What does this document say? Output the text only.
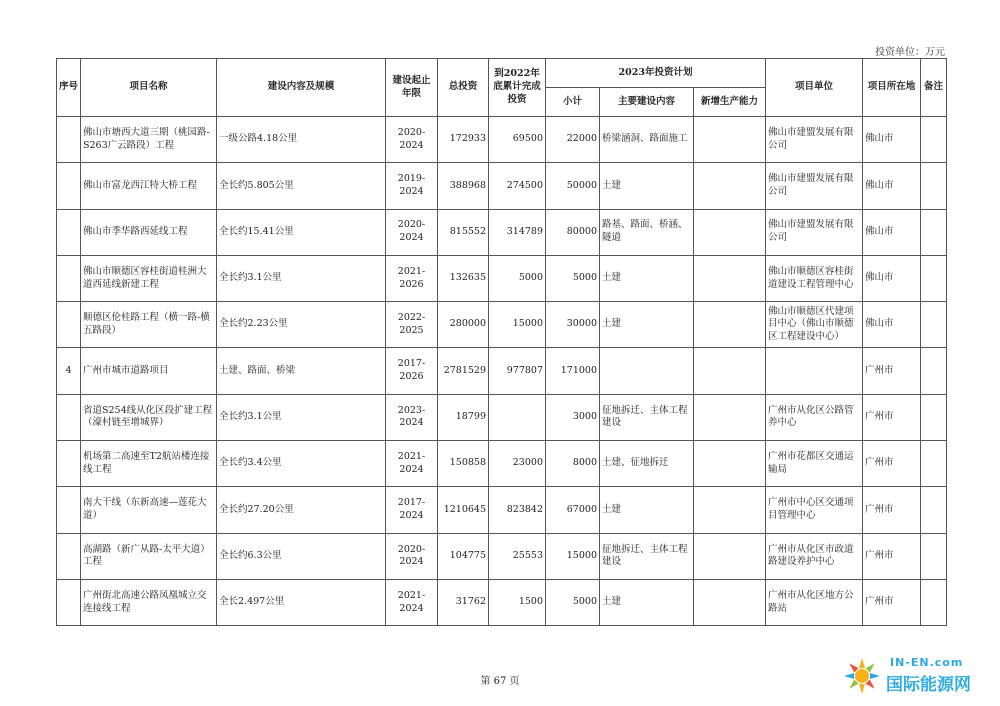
投资单位：万元
序号	项目名称	建设内容及规模	建设起止年限	总投资	到2022年底累计完成投资	2023年投资计划			项目单位	项目所在地	备注
						小计	主要建设内容	新增生产能力			
	佛山市塘西大道三期（桃园路-S263广云路段）工程	一级公路4.18公里	2020-2024	172933	69500	22000	桥梁涵洞、路面施工		佛山市建盟发展有限公司	佛山市	
	佛山市富龙西江特大桥工程	全长约5.805公里	2019-2024	388968	274500	50000	土建		佛山市建盟发展有限公司	佛山市	
	佛山市季华路西延线工程	全长约15.41公里	2020-2024	815552	314789	80000	路基、路面、桥涵、隧道		佛山市建盟发展有限公司	佛山市	
	佛山市顺德区容桂街道桂洲大道西延线新建工程	全长约3.1公里	2021-2026	132635	5000	5000	土建		佛山市顺德区容桂街道建设工程管理中心	佛山市	
	顺德区伦桂路工程（横一路-横五路段）	全长约2.23公里	2022-2025	280000	15000	30000	土建		佛山市顺德区代建项目中心（佛山市顺德区工程建设中心）	佛山市	
4	广州市城市道路项目	土建、路面、桥梁	2017-2026	2781529	977807	171000				广州市	
	省道S254线从化区段扩建工程（濠村链至增城界）	全长约3.1公里	2023-2024	18799		3000	征地拆迁、主体工程建设		广州市从化区公路管养中心	广州市	
	机场第二高速至T2航站楼连接线工程	全长约3.4公里	2021-2024	150858	23000	8000	土建、征地拆迁		广州市花都区交通运输局	广州市	
	南大干线（东新高速—莲花大道）	全长约27.20公里	2017-2024	1210645	823842	67000	土建		广州市中心区交通项目管理中心	广州市	
	高湖路（新广从路-太平大道）工程	全长约6.3公里	2020-2024	104775	25553	15000	征地拆迁、主体工程建设		广州市从化区市政道路建设养护中心	广州市	
	广州街北高速公路凤凰城立交连接线工程	全长2.497公里	2021-2024	31762	1500	5000	土建		广州市从化区地方公路站	广州市	
第 67 页
IN-EN.com
国际能源网
